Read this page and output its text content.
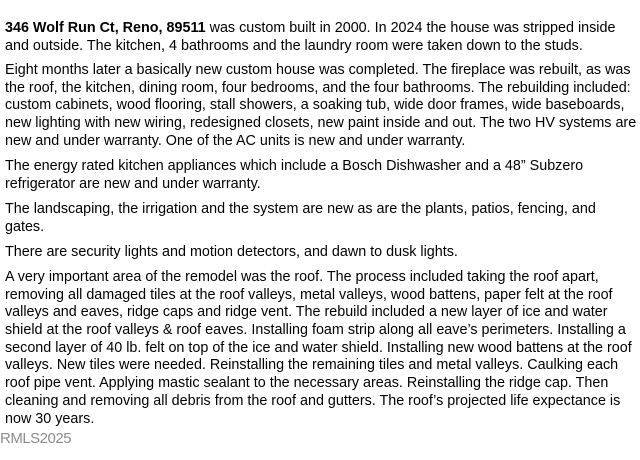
346 Wolf Run Ct, Reno, 89511 was custom built in 2000. In 2024 the house was stripped inside and outside. The kitchen, 4 bathrooms and the laundry room were taken down to the studs.

Eight months later a basically new custom house was completed. The fireplace was rebuilt, as was the roof, the kitchen, dining room, four bedrooms, and the four bathrooms. The rebuilding included: custom cabinets, wood flooring, stall showers, a soaking tub, wide door frames, wide baseboards, new lighting with new wiring, redesigned closets, new paint inside and out. The two HV systems are new and under warranty. One of the AC units is new and under warranty.

The energy rated kitchen appliances which include a Bosch Dishwasher and a 48” Subzero refrigerator are new and under warranty.

The landscaping, the irrigation and the system are new as are the plants, patios, fencing, and gates.

There are security lights and motion detectors, and dawn to dusk lights.

A very important area of the remodel was the roof. The process included taking the roof apart, removing all damaged tiles at the roof valleys, metal valleys, wood battens, paper felt at the roof valleys and eaves, ridge caps and ridge vent. The rebuild included a new layer of ice and water shield at the roof valleys & roof eaves. Installing foam strip along all eave’s perimeters. Installing a second layer of 40 lb. felt on top of the ice and water shield. Installing new wood battens at the roof valleys. New tiles were needed. Reinstalling the remaining tiles and metal valleys. Caulking each roof pipe vent. Applying mastic sealant to the necessary areas. Reinstalling the ridge cap. Then cleaning and removing all debris from the roof and gutters. The roof’s projected life expectance is now 30 years.

RMLS2025
